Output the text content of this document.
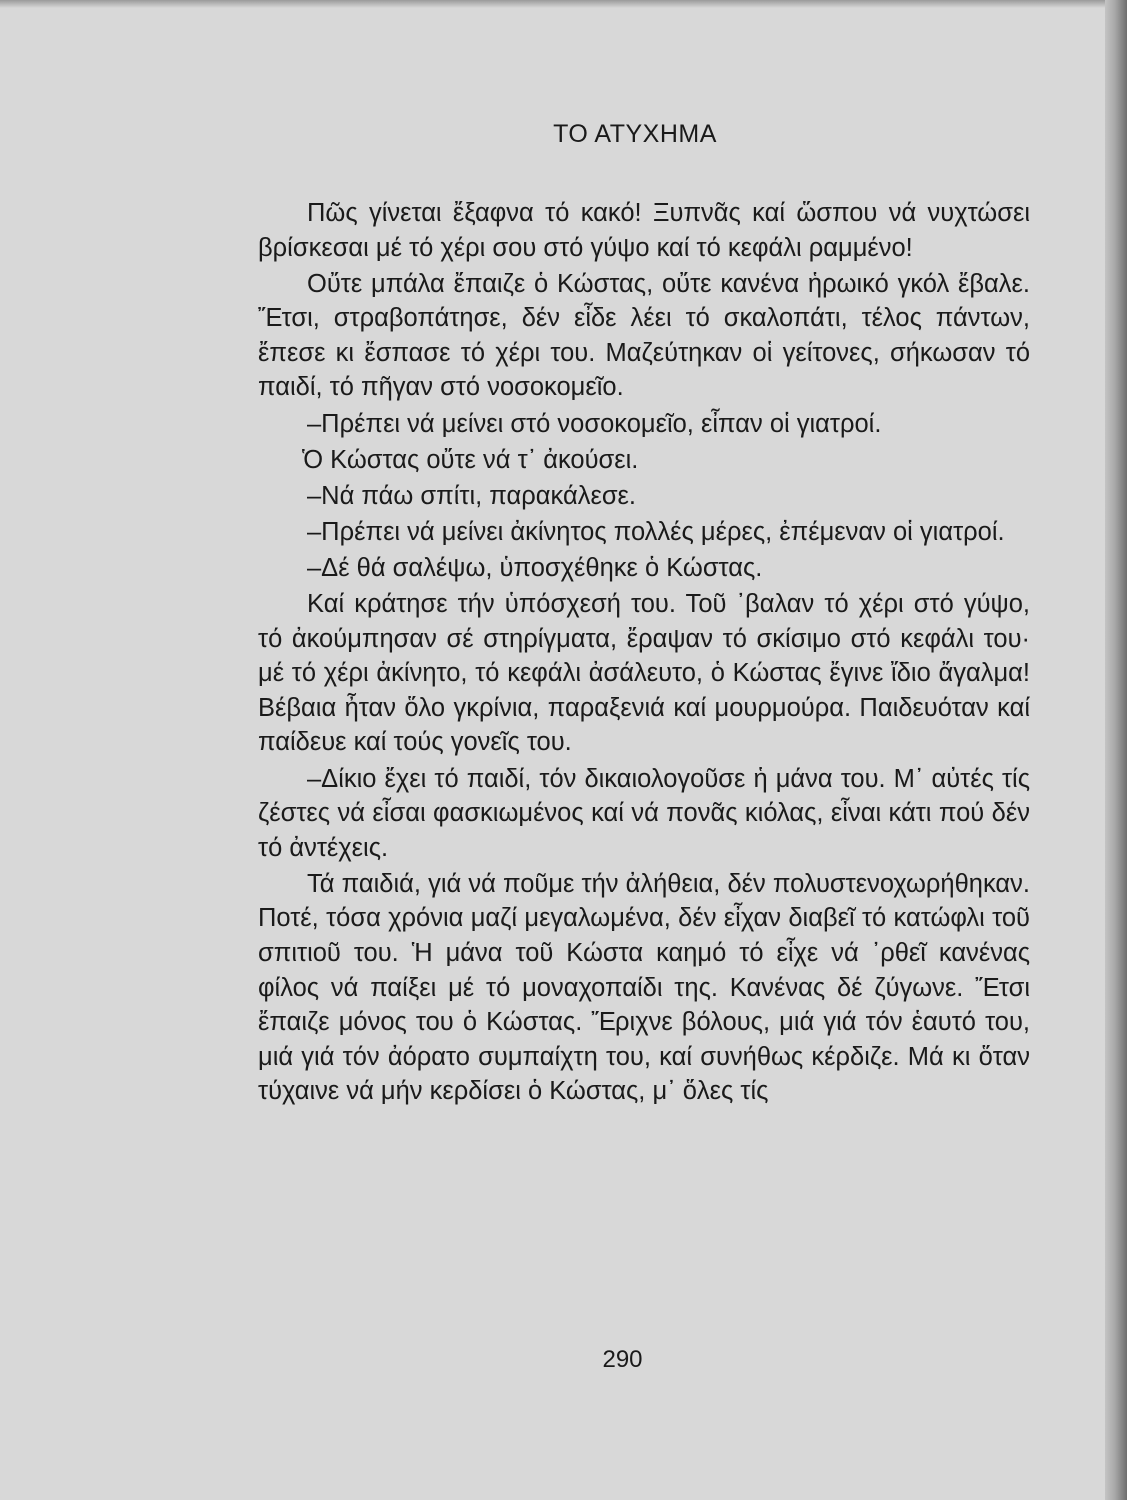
ΤΟ ΑΤΥΧΗΜΑ

Πῶς γίνεται ἔξαφνα τό κακό! Ξυπνᾶς καί ὥσπου νά νυχτώσει βρίσκεσαι μέ τό χέρι σου στό γύψο καί τό κεφάλι ραμμένο!

Οὔτε μπάλα ἔπαιζε ὁ Κώστας, οὔτε κανένα ἡρωικό γκόλ ἔβαλε. Ἔτσι, στραβοπάτησε, δέν εἶδε λέει τό σκαλοπάτι, τέλος πάντων, ἔπεσε κι ἔσπασε τό χέρι του. Μαζεύτηκαν οἱ γείτονες, σήκωσαν τό παιδί, τό πῆγαν στό νοσοκομεῖο.

–Πρέπει νά μείνει στό νοσοκομεῖο, εἶπαν οἱ γιατροί.

Ὁ Κώστας οὔτε νά τ᾽ ἀκούσει.

–Νά πάω σπίτι, παρακάλεσε.

–Πρέπει νά μείνει ἀκίνητος πολλές μέρες, ἐπέμεναν οἱ γιατροί.

–Δέ θά σαλέψω, ὑποσχέθηκε ὁ Κώστας.

Καί κράτησε τήν ὑπόσχεσή του. Τοῦ ᾽βαλαν τό χέρι στό γύψο, τό ἀκούμπησαν σέ στηρίγματα, ἔραψαν τό σκίσιμο στό κεφάλι του· μέ τό χέρι ἀκίνητο, τό κεφάλι ἀσάλευτο, ὁ Κώστας ἔγινε ἴδιο ἄγαλμα! Βέβαια ἦταν ὅλο γκρίνια, παραξενιά καί μουρμούρα. Παιδευόταν καί παίδευε καί τούς γονεῖς του.

–Δίκιο ἔχει τό παιδί, τόν δικαιολογοῦσε ἡ μάνα του. Μ᾽ αὐτές τίς ζέστες νά εἶσαι φασκιωμένος καί νά πονᾶς κιόλας, εἶναι κάτι πού δέν τό ἀντέχεις.

Τά παιδιά, γιά νά ποῦμε τήν ἀλήθεια, δέν πολυστενοχωρήθηκαν. Ποτέ, τόσα χρόνια μαζί μεγαλωμένα, δέν εἶχαν διαβεῖ τό κατώφλι τοῦ σπιτιοῦ του. Ἡ μάνα τοῦ Κώστα καημό τό εἶχε νά ᾽ρθεῖ κανένας φίλος νά παίξει μέ τό μοναχοπαίδι της. Κανένας δέ ζύγωνε. Ἔτσι ἔπαιζε μόνος του ὁ Κώστας. Ἔριχνε βόλους, μιά γιά τόν ἑαυτό του, μιά γιά τόν ἀόρατο συμπαίχτη του, καί συνήθως κέρδιζε. Μά κι ὅταν τύχαινε νά μήν κερδίσει ὁ Κώστας, μ᾽ ὅλες τίς

290
